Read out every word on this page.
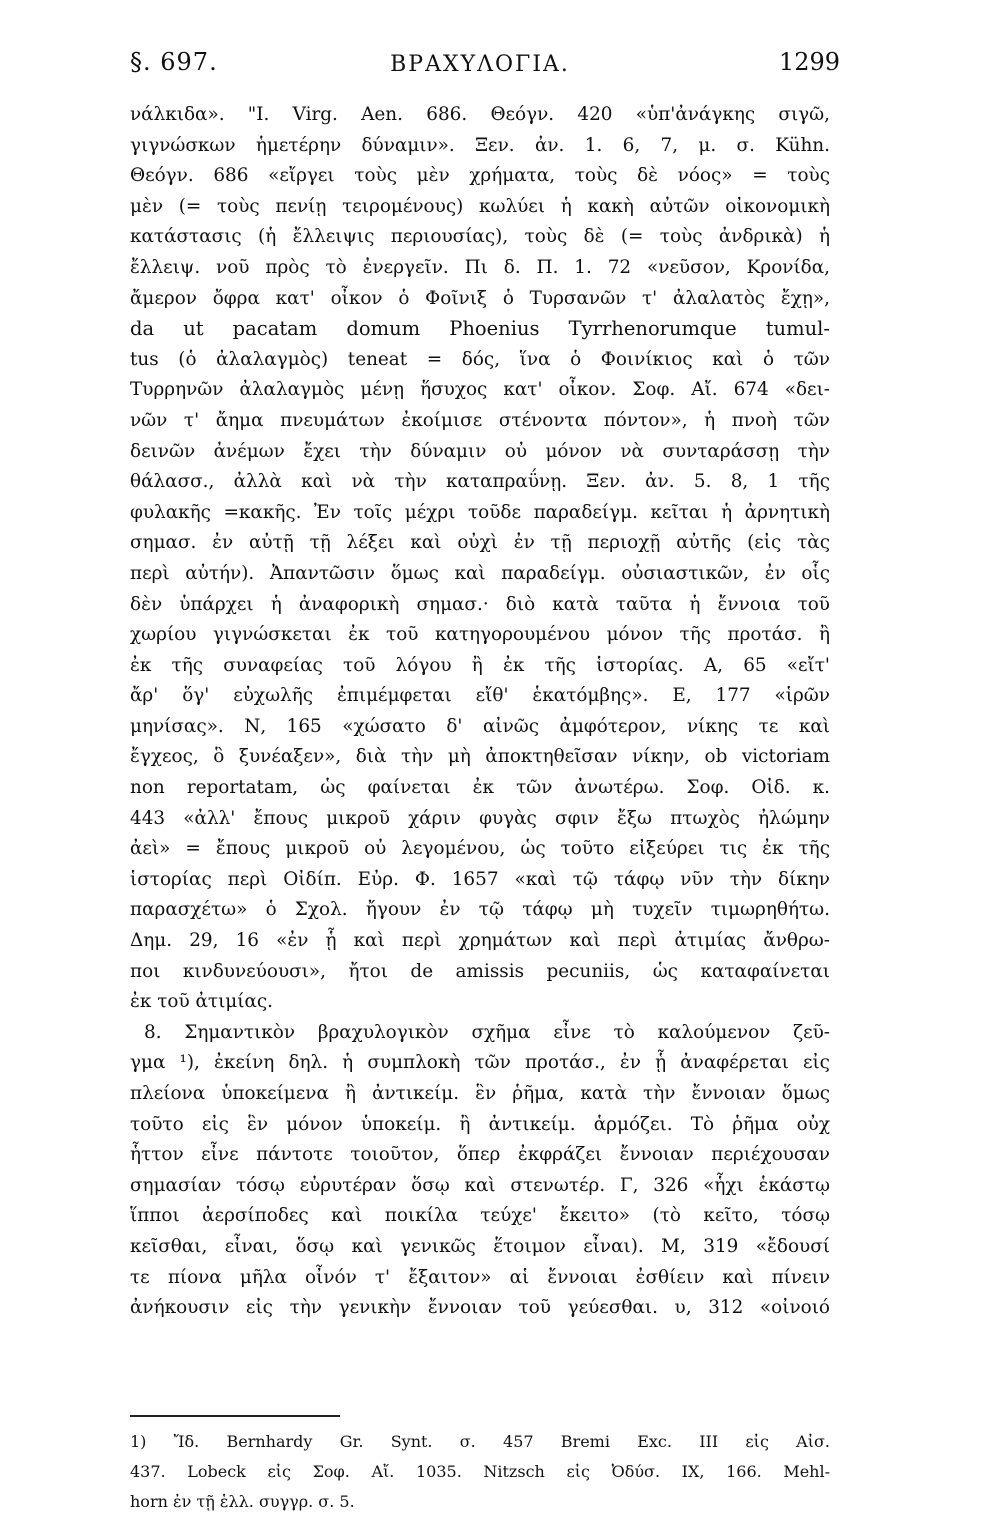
§. 697.	ΒΡΑΧΥΛΟΓΙΑ.	1299
νάλκιδα». "Ι. Virg. Aen. 686. Θεόγν. 420 «ὑπ'ἀνάγκης σιγῶ,
γιγνώσκων ἡμετέρην δύναμιν». Ξεν. ἀν. 1. 6, 7, μ. σ. Kühn.
Θεόγν. 686 «εἴργει τοὺς μὲν χρήματα, τοὺς δὲ νόος» = τοὺς
μὲν (= τοὺς πενίῃ τειρομένους) κωλύει ἡ κακὴ αὐτῶν οἰκονομικὴ
κατάστασις (ἡ ἔλλειψις περιουσίας), τοὺς δὲ (= τοὺς ἀνδρικὰ) ἡ
ἔλλειψ. νοῦ πρὸς τὸ ἐνεργεῖν. Πι δ. Π. 1. 72 «νεῦσον, Κρονίδα,
ἄμερον ὄφρα κατ' οἶκον ὁ Φοῖνιξ ὁ Τυρσανῶν τ' ἀλαλατὸς ἔχῃ»,
da ut pacatam domum Phoenius Tyrrhenorumque tumul-
tus (ὁ ἀλαλαγμὸς) teneat = δός, ἵνα ὁ Φοινίκιος καὶ ὁ τῶν
Τυρρηνῶν ἀλαλαγμὸς μένῃ ἥσυχος κατ' οἶκον. Σοφ. Αἴ. 674 «δει-
νῶν τ' ἄημα πνευμάτων ἐκοίμισε στένοντα πόντον», ἡ πνοὴ τῶν
δεινῶν ἀνέμων ἔχει τὴν δύναμιν οὐ μόνον νὰ συνταράσσῃ τὴν
θάλασσ., ἀλλὰ καὶ νὰ τὴν καταπραΰνῃ. Ξεν. ἀν. 5. 8, 1 τῆς
φυλακῆς =κακῆς. Ἐν τοῖς μέχρι τοῦδε παραδείγμ. κεῖται ἡ ἀρνητικὴ
σημασ. ἐν αὐτῇ τῇ λέξει καὶ οὐχὶ ἐν τῇ περιοχῇ αὐτῆς (εἰς τὰς
περὶ αὐτήν). Ἀπαντῶσιν ὅμως καὶ παραδείγμ. οὐσιαστικῶν, ἐν οἷς
δὲν ὑπάρχει ἡ ἀναφορικὴ σημασ.· διὸ κατὰ ταῦτα ἡ ἔννοια τοῦ
χωρίου γιγνώσκεται ἐκ τοῦ κατηγορουμένου μόνον τῆς προτάσ. ἢ
ἐκ τῆς συναφείας τοῦ λόγου ἢ ἐκ τῆς ἱστορίας. Α, 65 «εἴτ'
ἄρ' ὅγ' εὐχωλῆς ἐπιμέμφεται εἴθ' ἑκατόμβης». Ε, 177 «ἱρῶν
μηνίσας». Ν, 165 «χώσατο δ' αἰνῶς ἀμφότερον, νίκης τε καὶ
ἔγχεος, ὃ ξυνέαξεν», διὰ τὴν μὴ ἀποκτηθεῖσαν νίκην, ob victoriam
non reportatam, ὡς φαίνεται ἐκ τῶν ἀνωτέρω. Σοφ. Οἰδ. κ.
443 «ἀλλ' ἔπους μικροῦ χάριν φυγὰς σφιν ἔξω πτωχὸς ἠλώμην
ἀεὶ» = ἔπους μικροῦ οὐ λεγομένου, ὡς τοῦτο εἰξεύρει τις ἐκ τῆς
ἱστορίας περὶ Οἰδίπ. Εὐρ. Φ. 1657 «καὶ τῷ τάφῳ νῦν τὴν δίκην
παρασχέτω» ὁ Σχολ. ἤγουν ἐν τῷ τάφῳ μὴ τυχεῖν τιμωρηθήτω.
Δημ. 29, 16 «ἐν ᾗ καὶ περὶ χρημάτων καὶ περὶ ἀτιμίας ἄνθρω-
ποι κινδυνεύουσι», ἤτοι de amissis pecuniis, ὡς καταφαίνεται
ἐκ τοῦ ἀτιμίας.
8. Σημαντικὸν βραχυλογικὸν σχῆμα εἶνε τὸ καλούμενον ζεῦ-
γμα ¹), ἐκείνη δηλ. ἡ συμπλοκὴ τῶν προτάσ., ἐν ᾗ ἀναφέρεται εἰς
πλείονα ὑποκείμενα ἢ ἀντικείμ. ἓν ῥῆμα, κατὰ τὴν ἔννοιαν ὅμως
τοῦτο εἰς ἓν μόνον ὑποκείμ. ἢ ἀντικείμ. ἁρμόζει. Τὸ ῥῆμα οὐχ
ἧττον εἶνε πάντοτε τοιοῦτον, ὅπερ ἐκφράζει ἔννοιαν περιέχουσαν
σημασίαν τόσῳ εὐρυτέραν ὅσῳ καὶ στενωτέρ. Γ, 326 «ἧχι ἑκάστῳ
ἵπποι ἀερσίποδες καὶ ποικίλα τεύχε' ἔκειτο» (τὸ κεῖτο, τόσῳ
κεῖσθαι, εἶναι, ὅσῳ καὶ γενικῶς ἕτοιμον εἶναι). Μ, 319 «ἔδουσί
τε πίονα μῆλα οἶνόν τ' ἔξαιτον» αἱ ἔννοιαι ἐσθίειν καὶ πίνειν
ἀνήκουσιν εἰς τὴν γενικὴν ἔννοιαν τοῦ γεύεσθαι. υ, 312 «οἰνοιό
1) Ἴδ. Bernhardy Gr. Synt. σ. 457 Bremi Exc. III εἰς Αἰσ.
437. Lobeck εἰς Σοφ. Αἴ. 1035. Nitzsch εἰς Ὀδύσ. IX, 166. Mehl-
horn ἐν τῇ ἑλλ. συγγρ. σ. 5.
